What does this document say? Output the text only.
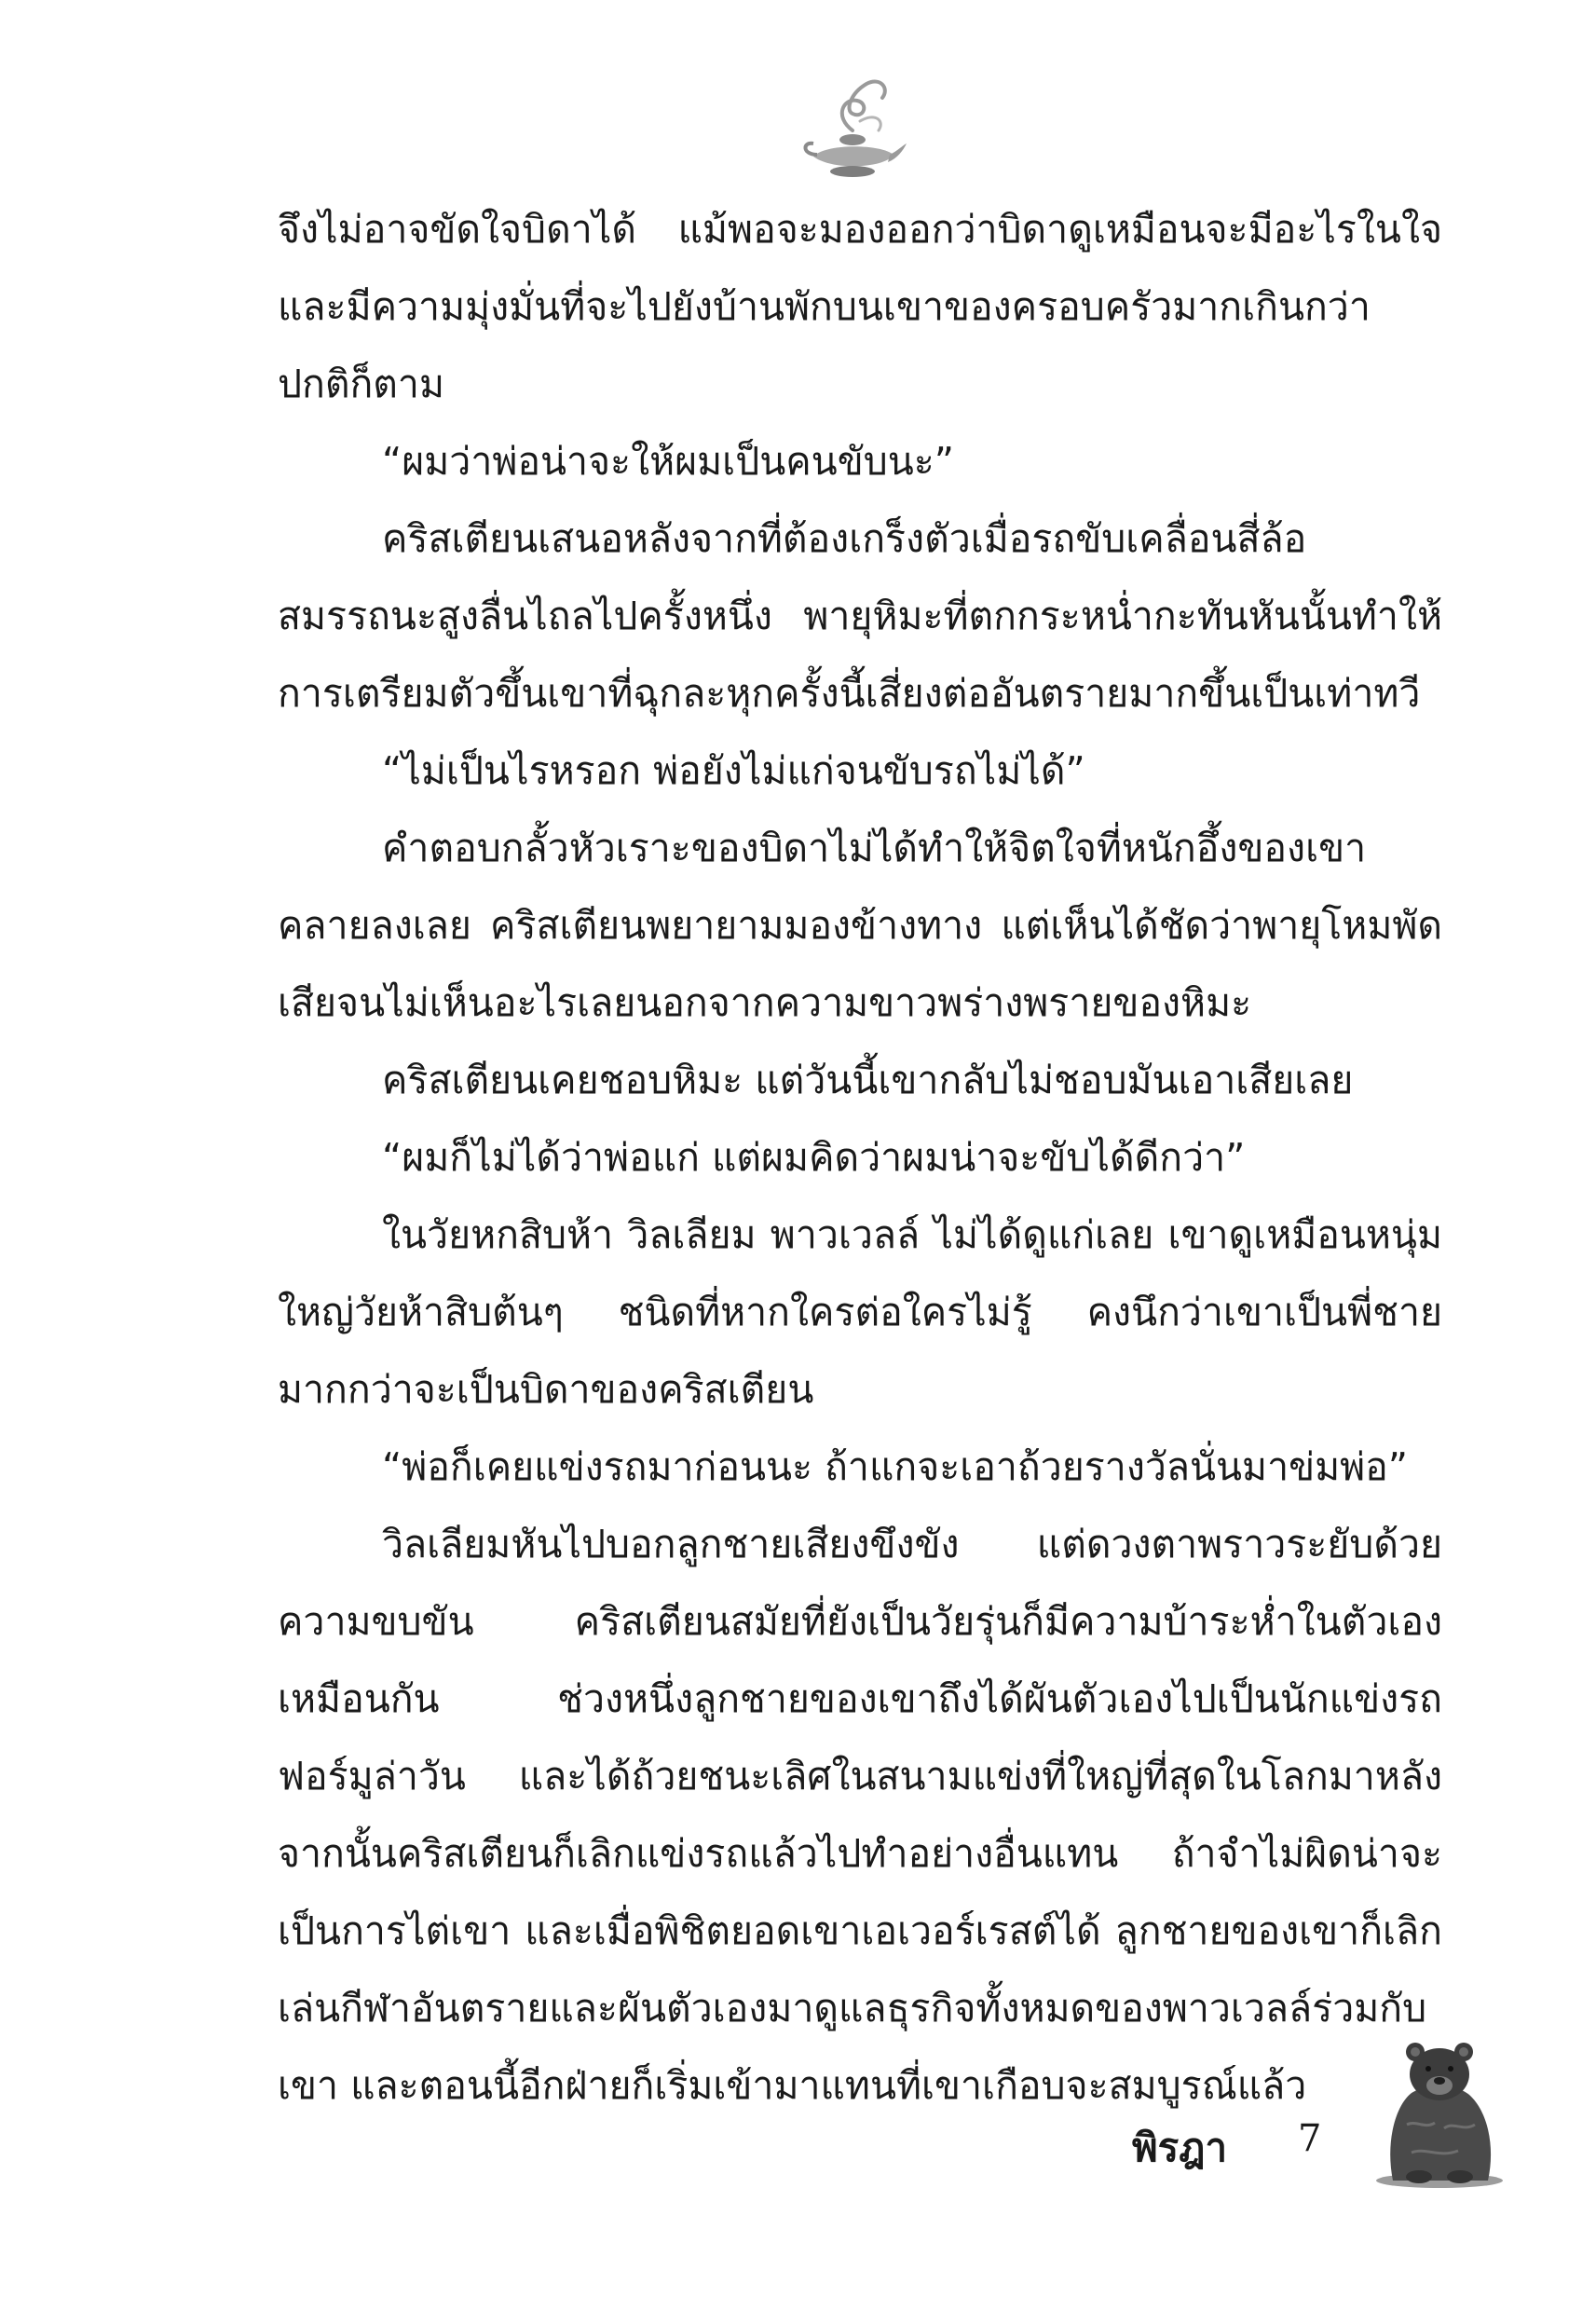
จึงไม่อาจขัดใจบิดาได้ แม้พอจะมองออกว่าบิดาดูเหมือนจะมีอะไรในใจและมีความมุ่งมั่นที่จะไปยังบ้านพักบนเขาของครอบครัวมากเกินกว่าปกติก็ตาม

“ผมว่าพ่อน่าจะให้ผมเป็นคนขับนะ”

คริสเตียนเสนอหลังจากที่ต้องเกร็งตัวเมื่อรถขับเคลื่อนสี่ล้อสมรรถนะสูงลื่นไถลไปครั้งหนึ่ง พายุหิมะที่ตกกระหน่ำกะทันหันนั้นทำให้การเตรียมตัวขึ้นเขาที่ฉุกละหุกครั้งนี้เสี่ยงต่ออันตรายมากขึ้นเป็นเท่าทวี

“ไม่เป็นไรหรอก พ่อยังไม่แก่จนขับรถไม่ได้”

คำตอบกลั้วหัวเราะของบิดาไม่ได้ทำให้จิตใจที่หนักอึ้งของเขาคลายลงเลย คริสเตียนพยายามมองข้างทาง แต่เห็นได้ชัดว่าพายุโหมพัดเสียจนไม่เห็นอะไรเลยนอกจากความขาวพร่างพรายของหิมะ

คริสเตียนเคยชอบหิมะ แต่วันนี้เขากลับไม่ชอบมันเอาเสียเลย

“ผมก็ไม่ได้ว่าพ่อแก่ แต่ผมคิดว่าผมน่าจะขับได้ดีกว่า”

ในวัยหกสิบห้า วิลเลียม พาวเวลล์ ไม่ได้ดูแก่เลย เขาดูเหมือนหนุ่มใหญ่วัยห้าสิบต้นๆ ชนิดที่หากใครต่อใครไม่รู้ คงนึกว่าเขาเป็นพี่ชายมากกว่าจะเป็นบิดาของคริสเตียน

“พ่อก็เคยแข่งรถมาก่อนนะ ถ้าแกจะเอาถ้วยรางวัลนั่นมาข่มพ่อ”

วิลเลียมหันไปบอกลูกชายเสียงขึงขัง แต่ดวงตาพราวระยับด้วยความขบขัน คริสเตียนสมัยที่ยังเป็นวัยรุ่นก็มีความบ้าระห่ำในตัวเองเหมือนกัน ช่วงหนึ่งลูกชายของเขาถึงได้ผันตัวเองไปเป็นนักแข่งรถฟอร์มูล่าวัน และได้ถ้วยชนะเลิศในสนามแข่งที่ใหญ่ที่สุดในโลกมาหลังจากนั้นคริสเตียนก็เลิกแข่งรถแล้วไปทำอย่างอื่นแทน ถ้าจำไม่ผิดน่าจะเป็นการไต่เขา และเมื่อพิชิตยอดเขาเอเวอร์เรสต์ได้ ลูกชายของเขาก็เลิกเล่นกีฬาอันตรายและผันตัวเองมาดูแลธุรกิจทั้งหมดของพาวเวลล์ร่วมกับเขา และตอนนี้อีกฝ่ายก็เริ่มเข้ามาแทนที่เขาเกือบจะสมบูรณ์แล้ว

พิรฎา 7
